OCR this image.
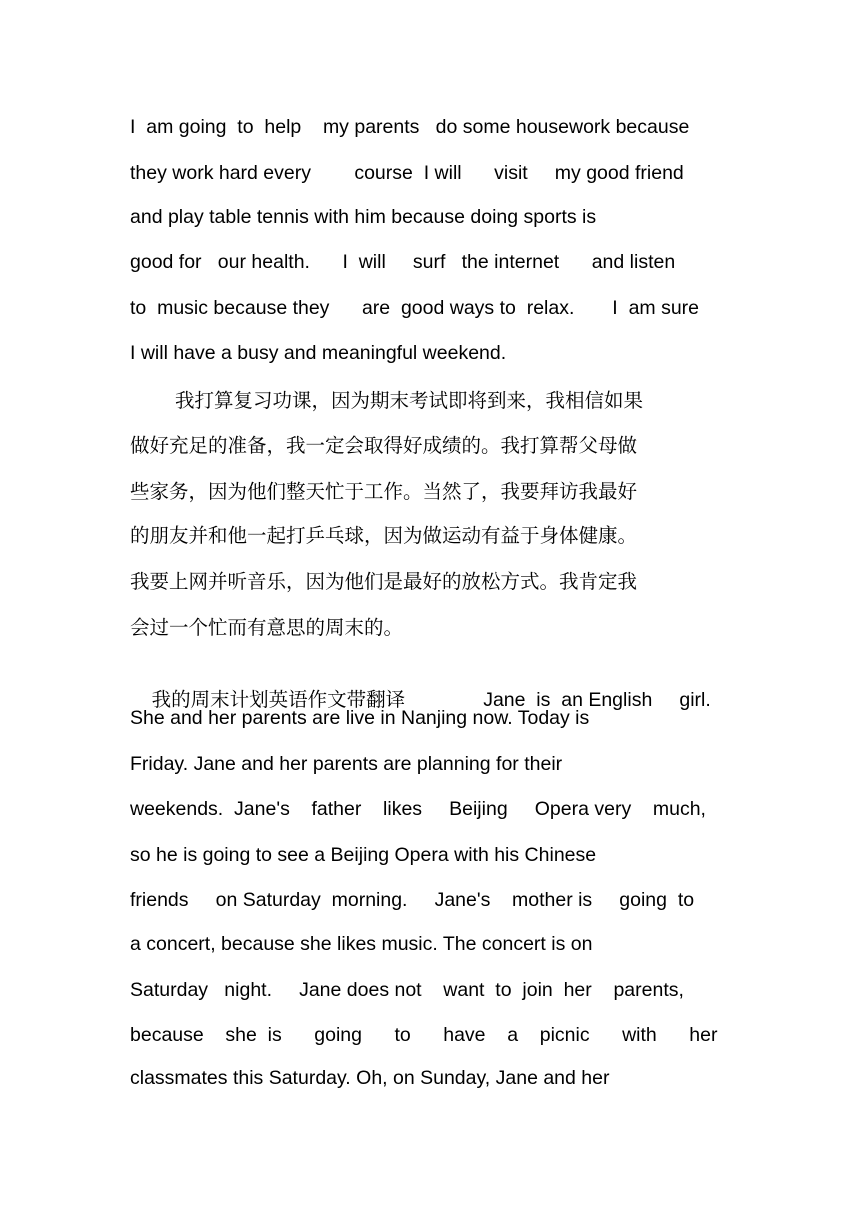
I  am going  to  help    my parents   do some housework because
they work hard every        course  I will      visit     my good friend
and play table tennis with him because doing sports is
good for   our health.      I  will     surf   the internet      and listen
to  music because they      are  good ways to  relax.       I  am sure
I will have a busy and meaningful weekend.
我打算复习功课，因为期末考试即将到来，我相信如果
做好充足的准备，我一定会取得好成绩的。我打算帮父母做
些家务，因为他们整天忙于工作。当然了，我要拜访我最好
的朋友并和他一起打乒乓球，因为做运动有益于身体健康。
我要上网并听音乐，因为他们是最好的放松方式。我肯定我
会过一个忙而有意思的周末的。

我的周末计划英语作文带翻译	Jane  is  an English     girl.

She and her parents are live in Nanjing now. Today is
Friday. Jane and her parents are planning for their
weekends.  Jane's    father    likes     Beijing     Opera very    much,
so he is going to see a Beijing Opera with his Chinese
friends     on Saturday  morning.     Jane's    mother is     going  to
a concert, because she likes music. The concert is on
Saturday   night.     Jane does not    want  to  join  her    parents,
because    she  is      going      to      have    a    picnic      with      her
classmates this Saturday. Oh, on Sunday, Jane and her
